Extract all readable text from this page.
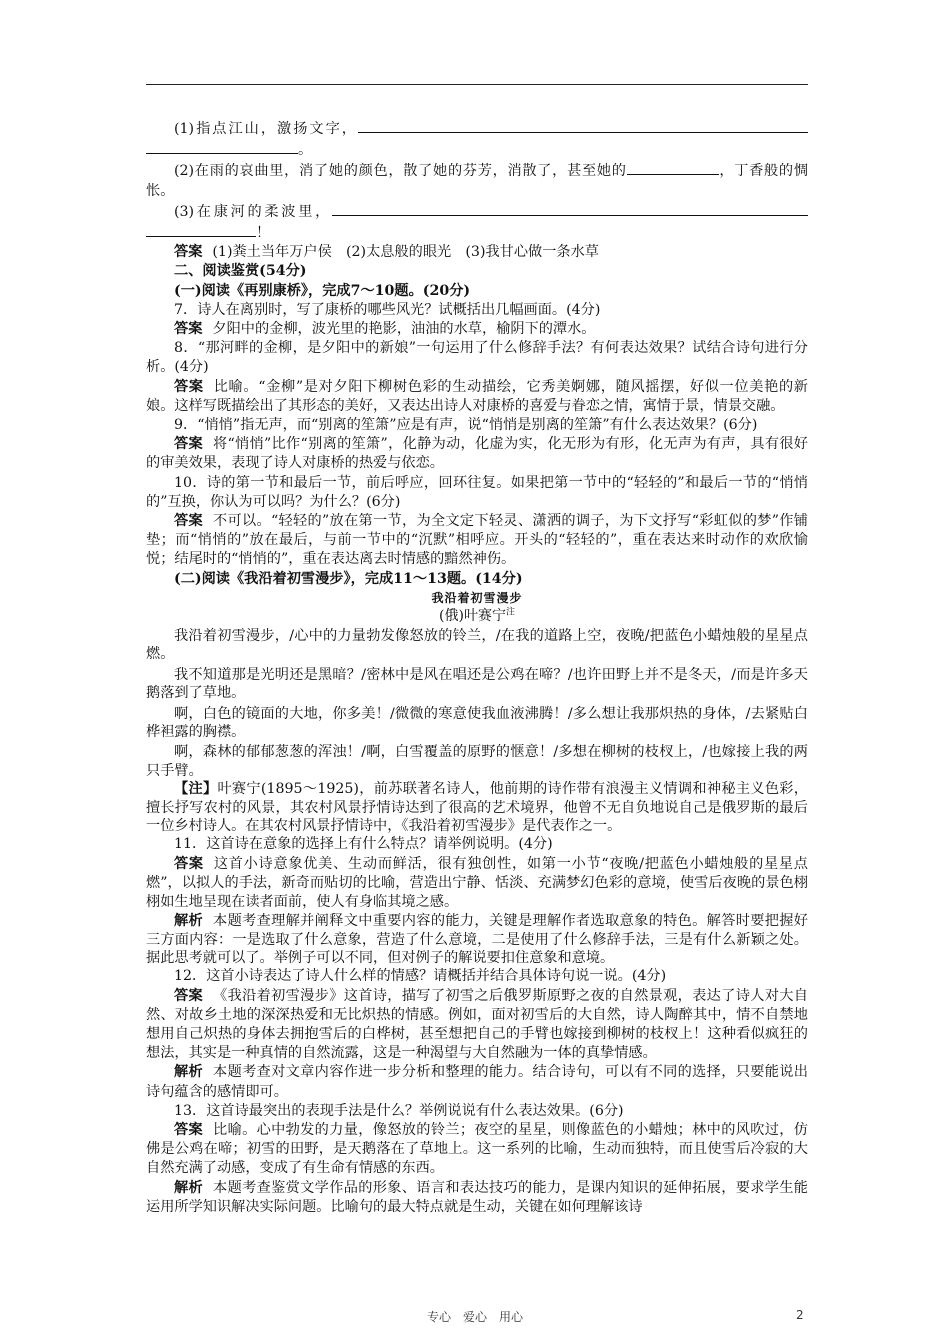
(1)指点江山，激扬文字，。

(2)在雨的哀曲里，消了她的颜色，散了她的芬芳，消散了，甚至她的	，丁香般的惆怅。

(3)在康河的柔波里，！

答案 (1)粪土当年万户侯　(2)太息般的眼光　(3)我甘心做一条水草

二、阅读鉴赏(54分)

(一)阅读《再别康桥》，完成7～10题。(20分)

7．诗人在离别时，写了康桥的哪些风光？试概括出几幅画面。(4分)

答案 夕阳中的金柳，波光里的艳影，油油的水草，榆阴下的潭水。

8．“那河畔的金柳，是夕阳中的新娘”一句运用了什么修辞手法？有何表达效果？试结合诗句进行分析。(4分)

答案 比喻。“金柳”是对夕阳下柳树色彩的生动描绘，它秀美婀娜，随风摇摆，好似一位美艳的新娘。这样写既描绘出了其形态的美好，又表达出诗人对康桥的喜爱与眷恋之情，寓情于景，情景交融。

9．“悄悄”指无声，而“别离的笙箫”应是有声，说“悄悄是别离的笙箫”有什么表达效果？(6分)

答案 将“悄悄”比作“别离的笙箫”，化静为动，化虚为实，化无形为有形，化无声为有声，具有很好的审美效果，表现了诗人对康桥的热爱与依恋。

10．诗的第一节和最后一节，前后呼应，回环往复。如果把第一节中的“轻轻的”和最后一节的“悄悄的”互换，你认为可以吗？为什么？(6分)

答案 不可以。“轻轻的”放在第一节，为全文定下轻灵、潇洒的调子，为下文抒写“彩虹似的梦”作铺垫；而“悄悄的”放在最后，与前一节中的“沉默”相呼应。开头的“轻轻的”，重在表达来时动作的欢欣愉悦；结尾时的“悄悄的”，重在表达离去时情感的黯然神伤。

(二)阅读《我沿着初雪漫步》，完成11～13题。(14分)

我沿着初雪漫步

(俄)叶赛宁$^注$

我沿着初雪漫步，/心中的力量勃发像怒放的铃兰，/在我的道路上空，夜晚/把蓝色小蜡烛般的星星点燃。

我不知道那是光明还是黑暗？/密林中是风在唱还是公鸡在啼？/也许田野上并不是冬天，/而是许多天鹅落到了草地。

啊，白色的镜面的大地，你多美！/微微的寒意使我血液沸腾！/多么想让我那炽热的身体，/去紧贴白桦袒露的胸襟。

啊，森林的郁郁葱葱的浑浊！/啊，白雪覆盖的原野的惬意！/多想在柳树的枝杈上，/也嫁接上我的两只手臂。

【注】叶赛宁(1895～1925)，前苏联著名诗人，他前期的诗作带有浪漫主义情调和神秘主义色彩，擅长抒写农村的风景，其农村风景抒情诗达到了很高的艺术境界，他曾不无自负地说自己是俄罗斯的最后一位乡村诗人。在其农村风景抒情诗中，《我沿着初雪漫步》是代表作之一。

11．这首诗在意象的选择上有什么特点？请举例说明。(4分)

答案 这首小诗意象优美、生动而鲜活，很有独创性，如第一小节“夜晚/把蓝色小蜡烛般的星星点燃”，以拟人的手法，新奇而贴切的比喻，营造出宁静、恬淡、充满梦幻色彩的意境，使雪后夜晚的景色栩栩如生地呈现在读者面前，使人有身临其境之感。

解析 本题考查理解并阐释文中重要内容的能力，关键是理解作者选取意象的特色。解答时要把握好三方面内容：一是选取了什么意象，营造了什么意境，二是使用了什么修辞手法，三是有什么新颖之处。据此思考就可以了。举例子可以不同，但对例子的解说要扣住意象和意境。

12．这首小诗表达了诗人什么样的情感？请概括并结合具体诗句说一说。(4分)

答案 《我沿着初雪漫步》这首诗，描写了初雪之后俄罗斯原野之夜的自然景观，表达了诗人对大自然、对故乡土地的深深热爱和无比炽热的情感。例如，面对初雪后的大自然，诗人陶醉其中，情不自禁地想用自己炽热的身体去拥抱雪后的白桦树，甚至想把自己的手臂也嫁接到柳树的枝杈上！这种看似疯狂的想法，其实是一种真情的自然流露，这是一种渴望与大自然融为一体的真挚情感。

解析 本题考查对文章内容作进一步分析和整理的能力。结合诗句，可以有不同的选择，只要能说出诗句蕴含的感情即可。

13．这首诗最突出的表现手法是什么？举例说说有什么表达效果。(6分)

答案 比喻。心中勃发的力量，像怒放的铃兰；夜空的星星，则像蓝色的小蜡烛；林中的风吹过，仿佛是公鸡在啼；初雪的田野，是天鹅落在了草地上。这一系列的比喻，生动而独特，而且使雪后冷寂的大自然充满了动感，变成了有生命有情感的东西。

解析 本题考查鉴赏文学作品的形象、语言和表达技巧的能力，是课内知识的延伸拓展，要求学生能运用所学知识解决实际问题。比喻句的最大特点就是生动，关键在如何理解该诗

专心　爱心　用心	2
